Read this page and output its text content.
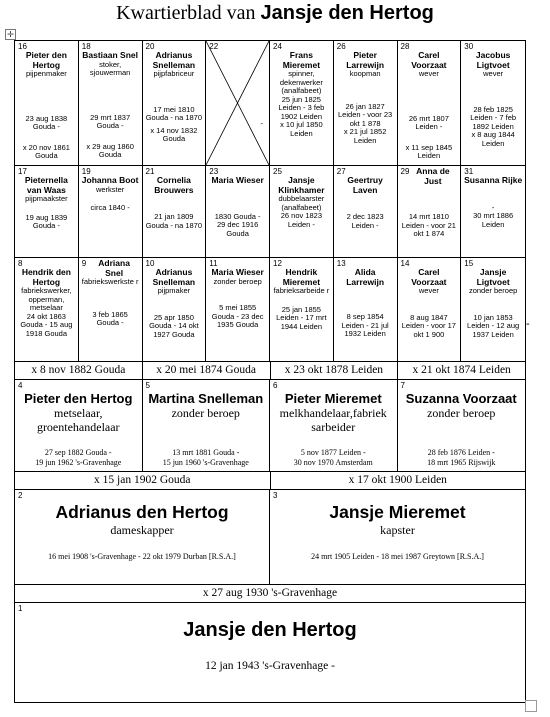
Kwartierblad van Jansje den Hertog
✛
-
16
Pieter den Hertog
pijpenmaker
23 aug 1838
Gouda -
x 20 nov 1861
Gouda
18
Bastiaan Snel
stoker, sjouwerman
29 mrt 1837
Gouda -
x 29 aug 1860
Gouda
20
Adrianus Snelleman
pijpfabriceur
17 mei 1810
Gouda - na 1870
x 14 nov 1832
Gouda
22
-
24
Frans Mieremet
spinner, dekenwerker (analfabeet)
25 jun 1825
Leiden - 3 feb 1902 Leiden
x 10 jul 1850
Leiden
26
Pieter Larrewijn
koopman
26 jan 1827
Leiden - voor 23 okt 1 878
x 21 jul 1852
Leiden
28
Carel Voorzaat
wever
26 mrt 1807
Leiden -
x 11 sep 1845
Leiden
30
Jacobus Ligtvoet
wever
28 feb 1825
Leiden - 7 feb 1892 Leiden
x 8 aug 1844
Leiden
17
Pieternella van Waas
pijpmaakster
19 aug 1839
Gouda -
19
Johanna Boot
werkster
circa 1840 -
21
Cornelia Brouwers
21 jan 1809
Gouda - na 1870
23
Maria Wieser
1830 Gouda -
29 dec 1916 Gouda
25
Jansje Klinkhamer
dubbelaarster (analfabeet)
26 nov 1823
Leiden -
27
Geertruy Laven
2 dec 1823
Leiden -
29 Anna de Just
14 mrt 1810
Leiden - voor 21 okt 1 874
31
Susanna Rijke
-
30 mrt 1886 Leiden
8
Hendrik den Hertog
fabriekswerker, opperman, metselaar
24 okt 1863
Gouda - 15 aug 1918 Gouda
9	Adriana Snel
fabriekswerkste r
3 feb 1865
Gouda -
10
Adrianus Snelleman
pijpmaker
25 apr 1850
Gouda - 14 okt 1927 Gouda
11
Maria Wieser
zonder beroep
5 mei 1855
Gouda - 23 dec 1935 Gouda
12
Hendrik Mieremet
fabrieksarbeide r
25 jan 1855
Leiden - 17 mrt 1944 Leiden
13
Alida Larrewijn
8 sep 1854
Leiden - 21 jul 1932 Leiden
14
Carel Voorzaat
wever
8 aug 1847
Leiden - voor 17 okt 1 900
15
Jansje Ligtvoet
zonder beroep
10 jan 1853
Leiden - 12 aug 1937 Leiden
x 8 nov 1882 Gouda	x 20 mei 1874 Gouda	x 23 okt 1878 Leiden	x 21 okt 1874 Leiden
4
Pieter den Hertog
metselaar, groentehandelaar
27 sep 1882 Gouda -
19 jun 1962 's-Gravenhage
5
Martina Snelleman
zonder beroep
13 mrt 1881 Gouda -
15 jun 1960 's-Gravenhage
6
Pieter Mieremet
melkhandelaar,fabriek sarbeider
5 nov 1877 Leiden -
30 nov 1970 Amsterdam
7
Suzanna Voorzaat
zonder beroep
28 feb 1876 Leiden -
18 mrt 1965 Rijswijk
x 15 jan 1902 Gouda	x 17 okt 1900 Leiden
2
Adrianus den Hertog
dameskapper
16 mei 1908 's-Gravenhage - 22 okt 1979 Durban [R.S.A.]
3
Jansje Mieremet
kapster
24 mrt 1905 Leiden - 18 mei 1987 Greytown [R.S.A.]
x 27 aug 1930 's-Gravenhage
1
Jansje den Hertog
12 jan 1943 's-Gravenhage -
